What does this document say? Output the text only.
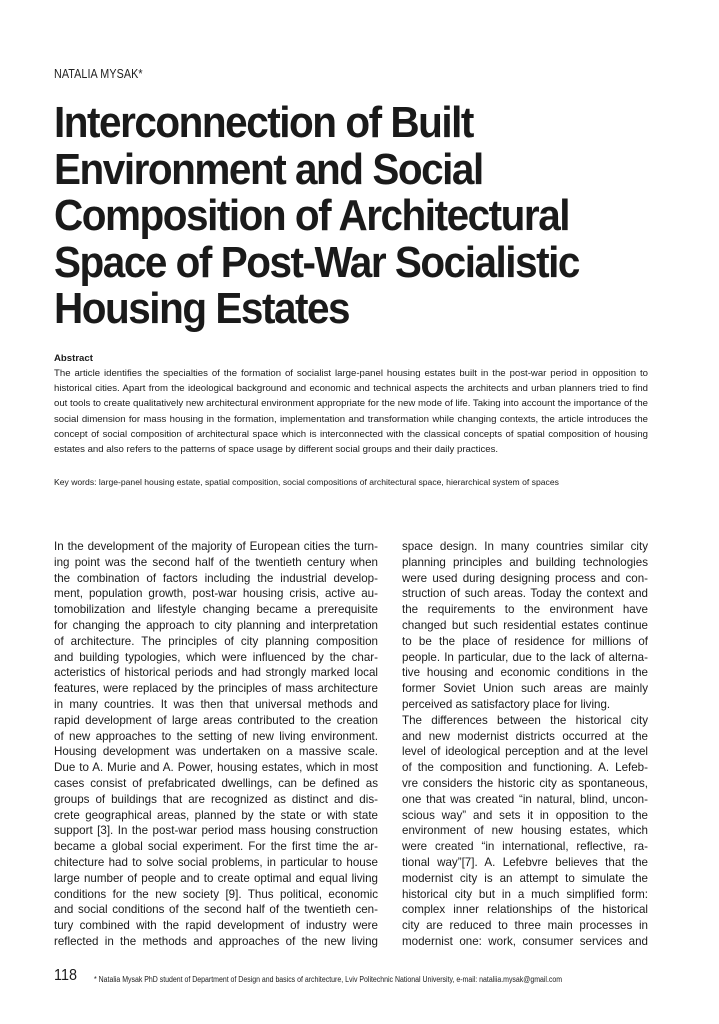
NATALIA MYSAK*
Interconnection of Built
Environment and Social
Composition of Architectural
Space of Post-War Socialistic
Housing Estates
Abstract

The article identifies the specialties of the formation of socialist large-panel housing estates built in the post-war period in opposition to historical cities. Apart from the ideological background and economic and technical aspects the architects and urban planners tried to find out tools to create qualitatively new architectural environment appropriate for the new mode of life. Taking into account the importance of the social dimension for mass housing in the formation, implementation and transformation while changing contexts, the article introduces the concept of social composition of architectural space which is interconnected with the classical concepts of spatial composition of housing estates and also refers to the patterns of space usage by different social groups and their daily practices.

Key words: large-panel housing estate, spatial composition, social compositions of architectural space, hierarchical system of spaces
In the development of the majority of European cities the turn-
ing point was the second half of the twentieth century when
the combination of factors including the industrial develop-
ment, population growth, post-war housing crisis, active au-
tomobilization and lifestyle changing became a prerequisite
for changing the approach to city planning and interpretation
of architecture. The principles of city planning composition
and building typologies, which were influenced by the char-
acteristics of historical periods and had strongly marked local
features, were replaced by the principles of mass architecture
in many countries. It was then that universal methods and
rapid development of large areas contributed to the creation
of new approaches to the setting of new living environment.
Housing development was undertaken on a massive scale.
Due to A. Murie and A. Power, housing estates, which in most
cases consist of prefabricated dwellings, can be defined as
groups of buildings that are recognized as distinct and dis-
crete geographical areas, planned by the state or with state
support [3]. In the post-war period mass housing construction
became a global social experiment. For the first time the ar-
chitecture had to solve social problems, in particular to house
large number of people and to create optimal and equal living
conditions for the new society [9]. Thus political, economic
and social conditions of the second half of the twentieth cen-
tury combined with the rapid development of industry were
reflected in the methods and approaches of the new living
space design. In many countries similar city
planning principles and building technologies
were used during designing process and con-
struction of such areas. Today the context and
the requirements to the environment have
changed but such residential estates continue
to be the place of residence for millions of
people. In particular, due to the lack of alterna-
tive housing and economic conditions in the
former Soviet Union such areas are mainly
perceived as satisfactory place for living.
The differences between the historical city
and new modernist districts occurred at the
level of ideological perception and at the level
of the composition and functioning. A. Lefeb-
vre considers the historic city as spontaneous,
one that was created “in natural, blind, uncon-
scious way” and sets it in opposition to the
environment of new housing estates, which
were created “in international, reflective, ra-
tional way”[7]. A. Lefebvre believes that the
modernist city is an attempt to simulate the
historical city but in a much simplified form:
complex inner relationships of the historical
city are reduced to three main processes in
modernist one: work, consumer services and
118 * Natalia Mysak PhD student of Department of Design and basics of architecture, Lviv Politechnic National University, e-mail: nataliia.mysak@gmail.com
